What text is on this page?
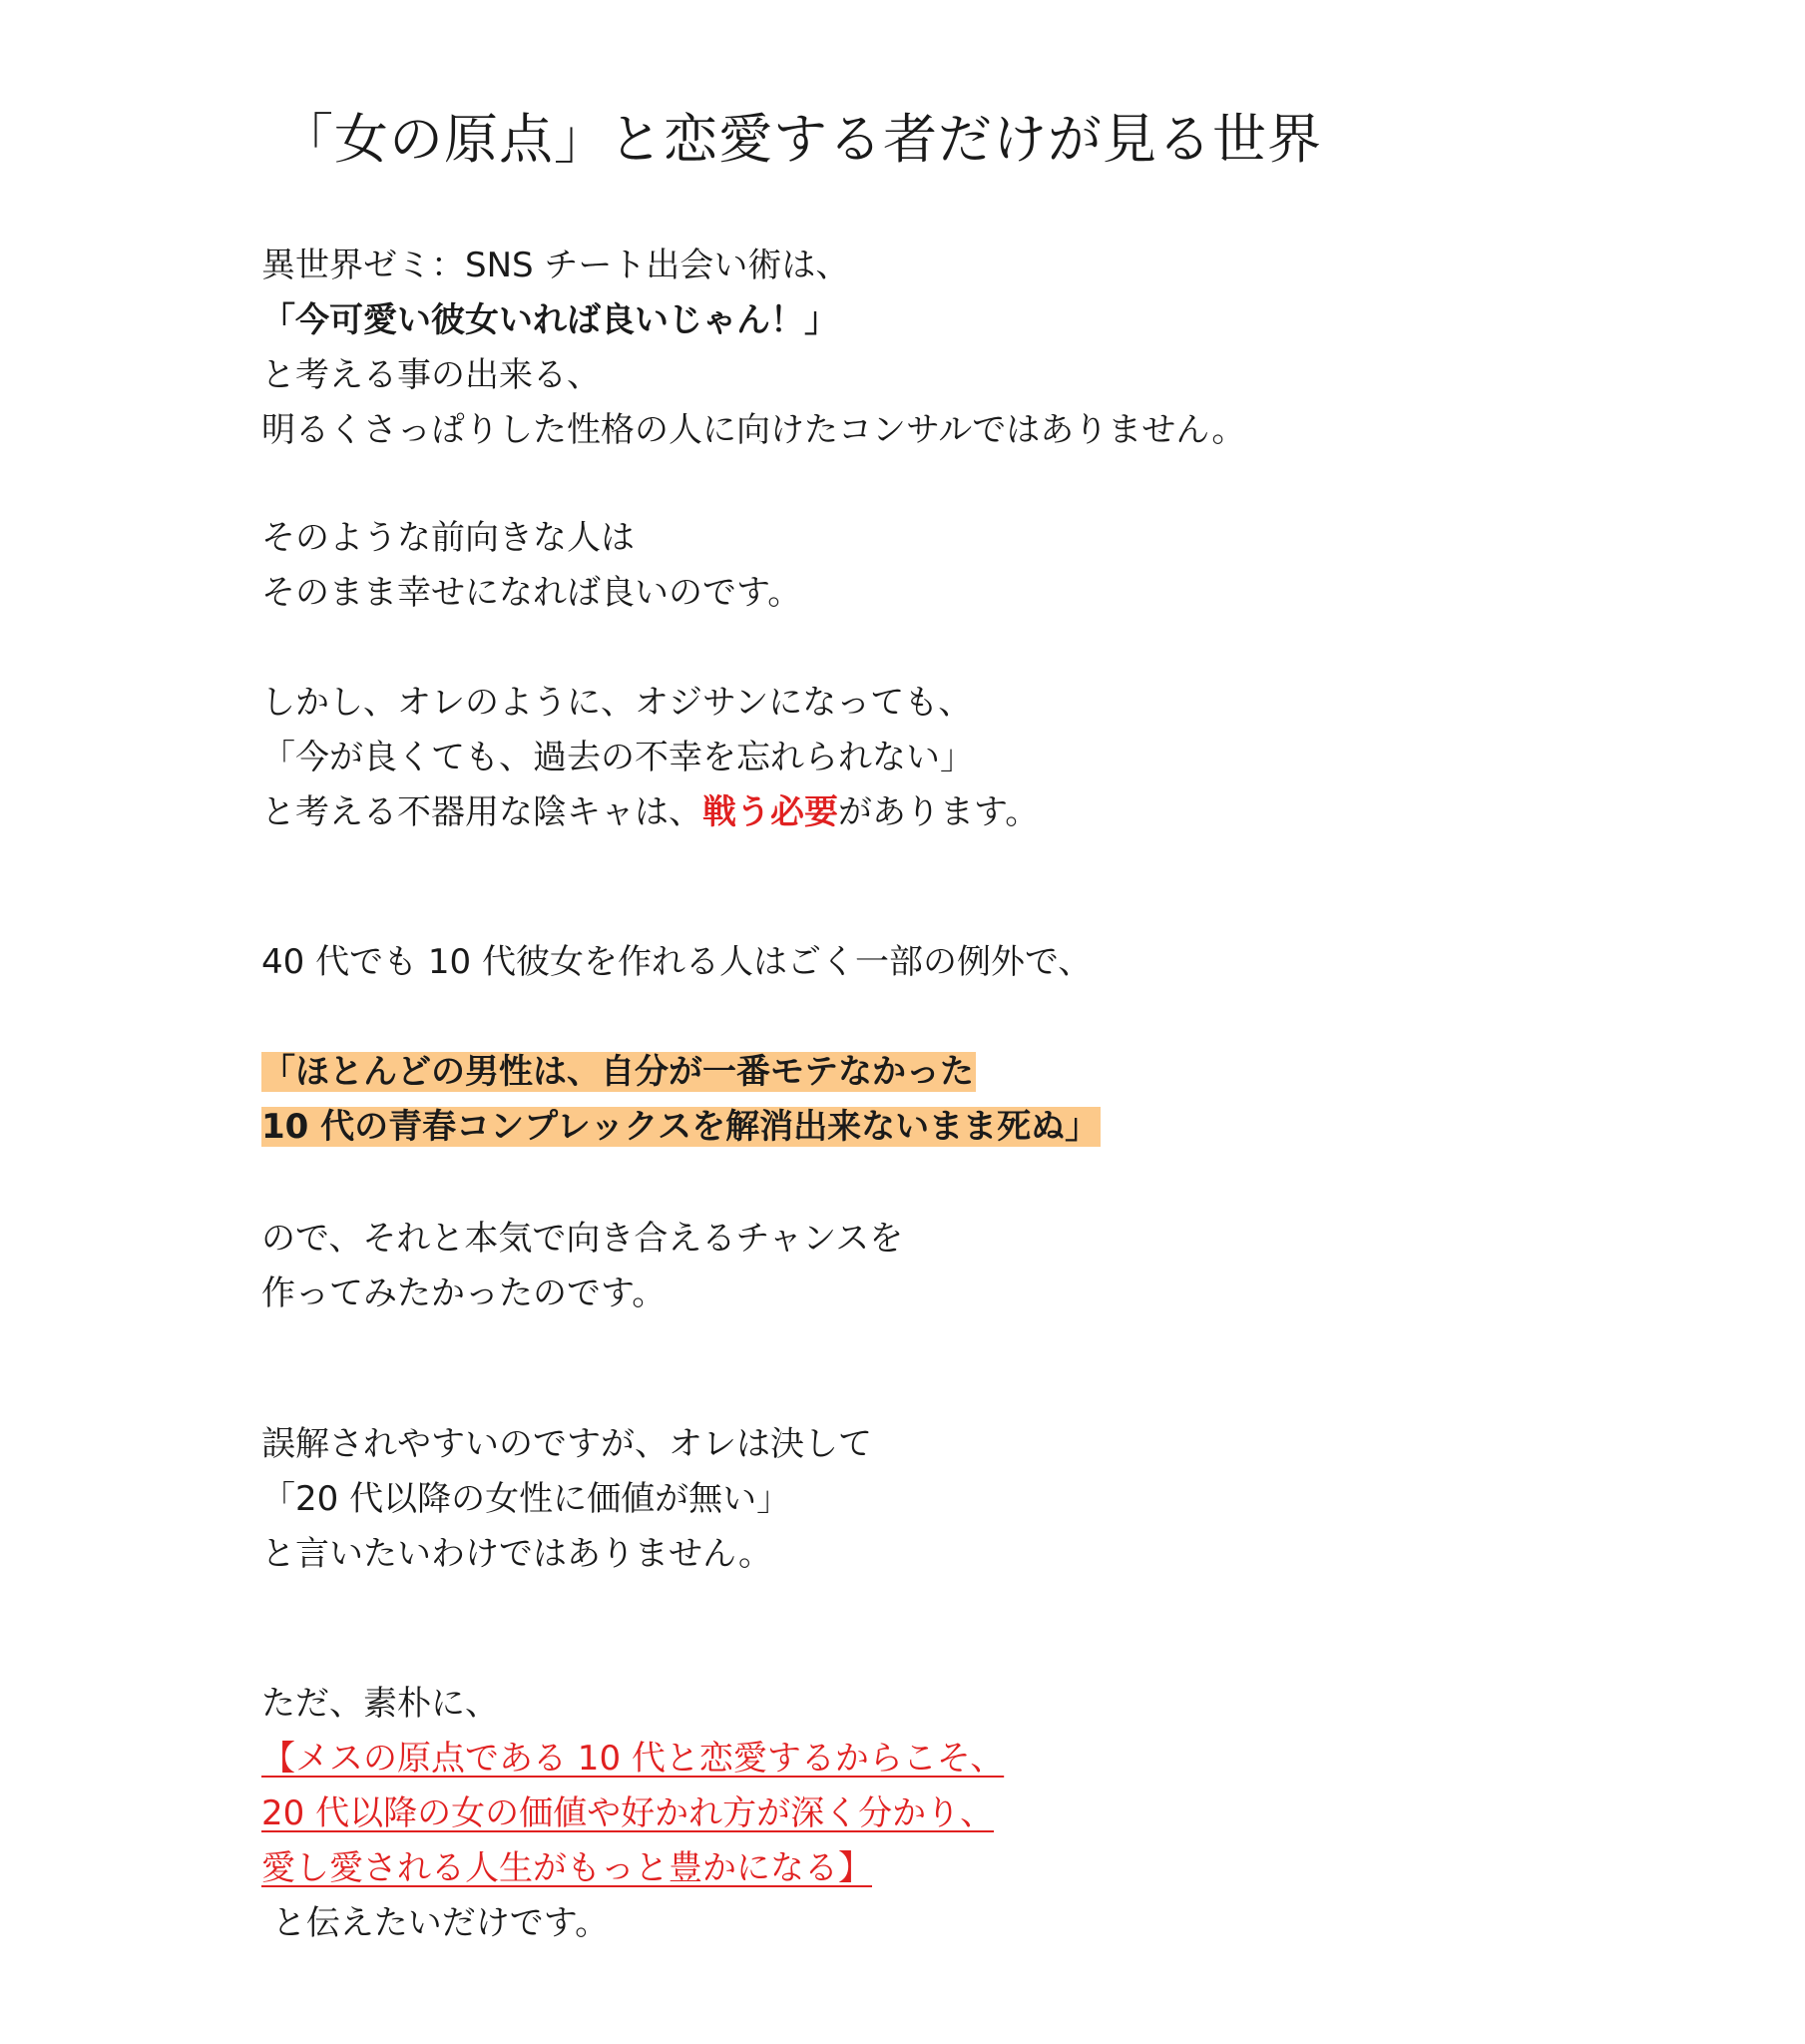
「女の原点」と恋愛する者だけが見る世界

異世界ゼミ：SNS チート出会い術は、

「今可愛い彼女いれば良いじゃん！」

と考える事の出来る、

明るくさっぱりした性格の人に向けたコンサルではありません。

そのような前向きな人は

そのまま幸せになれば良いのです。

しかし、オレのように、オジサンになっても、

「今が良くても、過去の不幸を忘れられない」

と考える不器用な陰キャは、戦う必要があります。

40 代でも 10 代彼女を作れる人はごく一部の例外で、

「ほとんどの男性は、自分が一番モテなかった

10 代の青春コンプレックスを解消出来ないまま死ぬ」

ので、それと本気で向き合えるチャンスを

作ってみたかったのです。

誤解されやすいのですが、オレは決して

「20 代以降の女性に価値が無い」

と言いたいわけではありません。

ただ、素朴に、

【メスの原点である 10 代と恋愛するからこそ、

20 代以降の女の価値や好かれ方が深く分かり、

愛し愛される人生がもっと豊かになる】

と伝えたいだけです。
